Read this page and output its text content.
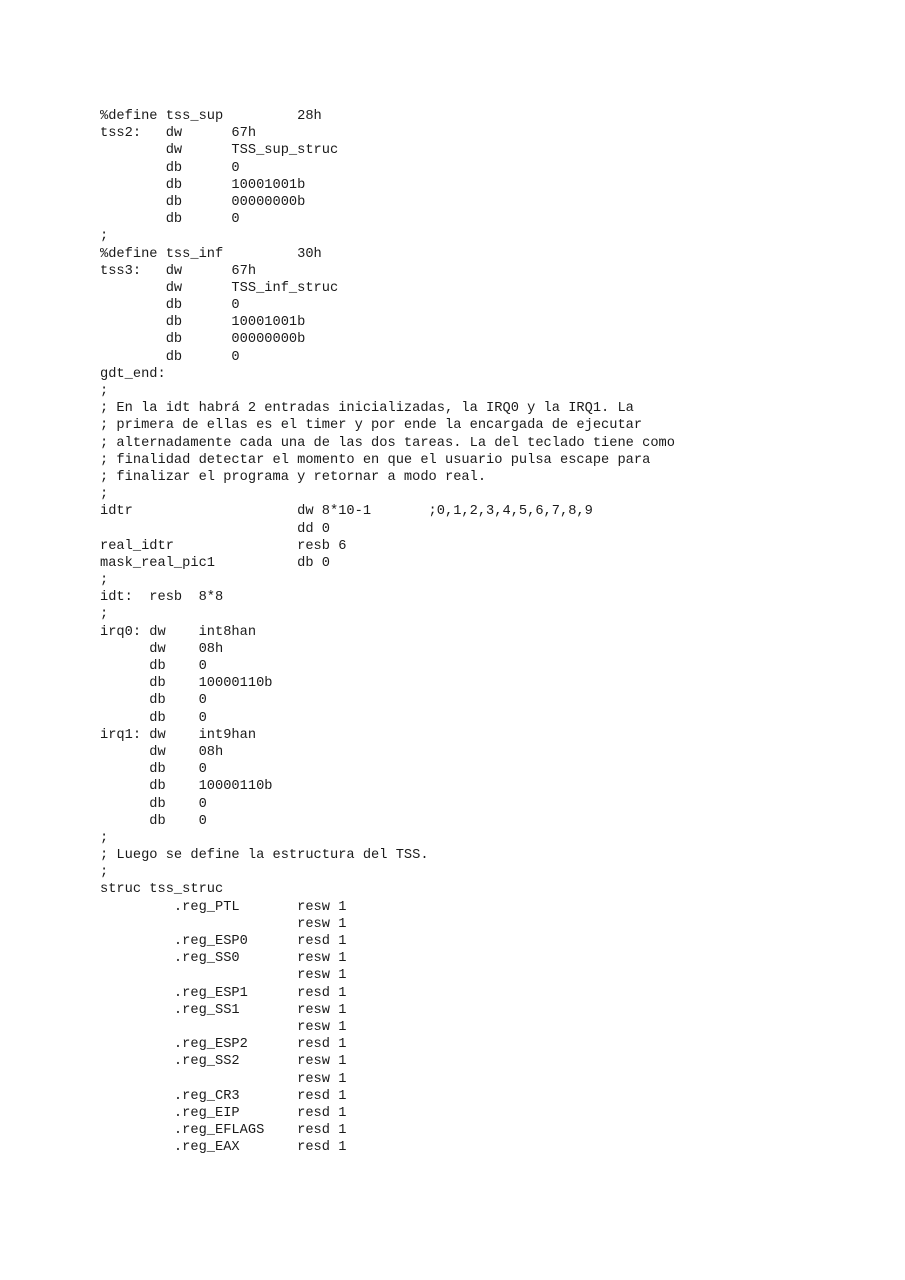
%define tss_sup         28h
tss2:   dw      67h
dw      TSS_sup_struc
db      0
db      10001001b
db      00000000b
db      0
;
%define tss_inf         30h
tss3:   dw      67h
dw      TSS_inf_struc
db      0
db      10001001b
db      00000000b
db      0
gdt_end:
;
; En la idt habrá 2 entradas inicializadas, la IRQ0 y la IRQ1. La
; primera de ellas es el timer y por ende la encargada de ejecutar
; alternadamente cada una de las dos tareas. La del teclado tiene como
; finalidad detectar el momento en que el usuario pulsa escape para
; finalizar el programa y retornar a modo real.
;
idtr                    dw 8*10-1       ;0,1,2,3,4,5,6,7,8,9
dd 0
real_idtr               resb 6
mask_real_pic1          db 0
;
idt:  resb  8*8
;
irq0: dw    int8han
dw    08h
db    0
db    10000110b
db    0
db    0
irq1: dw    int9han
dw    08h
db    0
db    10000110b
db    0
db    0
;
; Luego se define la estructura del TSS.
;
struc tss_struc
.reg_PTL       resw 1
resw 1
.reg_ESP0      resd 1
.reg_SS0       resw 1
resw 1
.reg_ESP1      resd 1
.reg_SS1       resw 1
resw 1
.reg_ESP2      resd 1
.reg_SS2       resw 1
resw 1
.reg_CR3       resd 1
.reg_EIP       resd 1
.reg_EFLAGS    resd 1
.reg_EAX       resd 1
